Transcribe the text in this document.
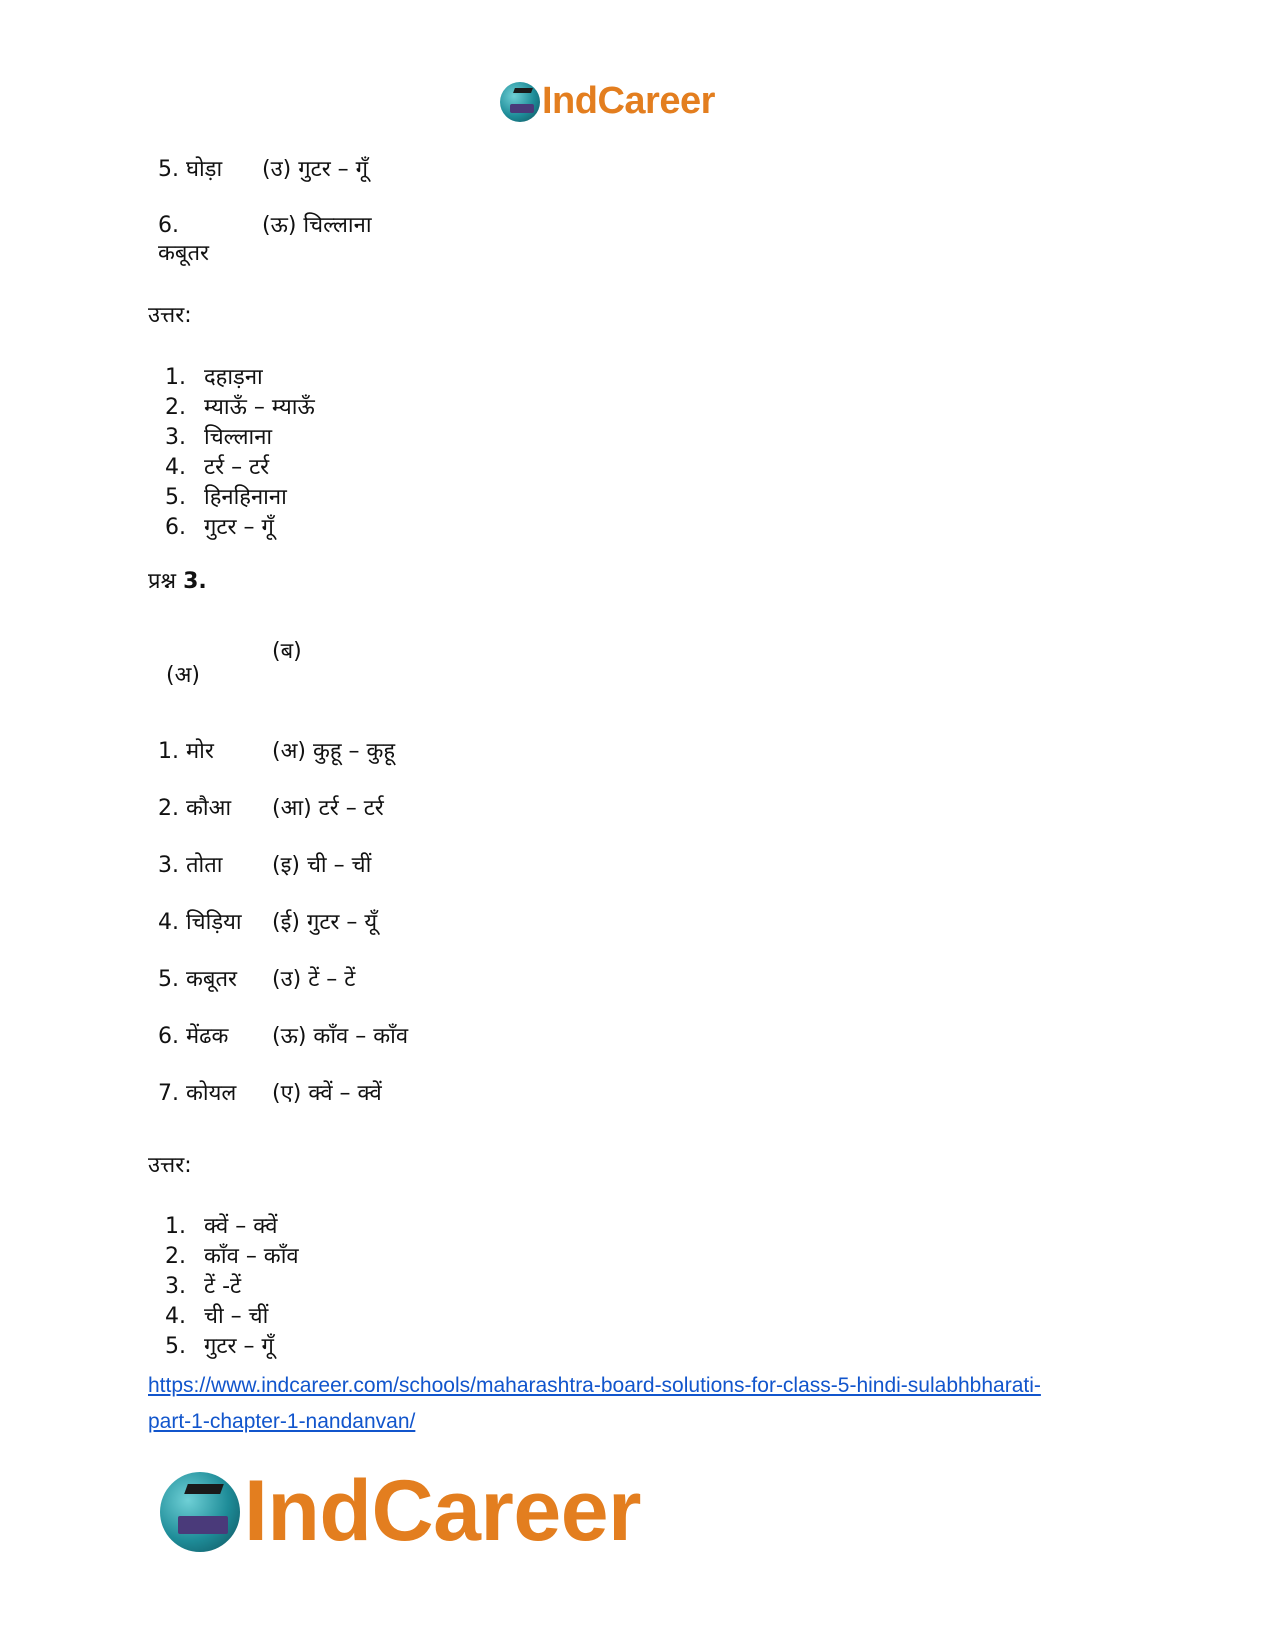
IndCareer
5. घोड़ा (उ) गुटर – गूँ
6.
कबूतर
(ऊ) चिल्लाना
उत्तर:
1. दहाड़ना
2. म्याऊँ – म्याऊँ
3. चिल्लाना
4. टर्र – टर्र
5. हिनहिनाना
6. गुटर – गूँ
प्रश्न 3.
(ब)
(अ)
1. मोर	(अ) कुहू – कुहू
2. कौआ (आ) टर्र – टर्र
3. तोता (इ) ची – चीं
4. चिड़िया (ई) गुटर – यूँ
5. कबूतर (उ) टें – टें
6. मेंढक (ऊ) काँव – काँव
7. कोयल (ए) क्वें – क्वें
उत्तर:
1. क्वें – क्वें
2. काँव – काँव
3. टें -टें
4. ची – चीं
5. गुटर – गूँ
https://www.indcareer.com/schools/maharashtra-board-solutions-for-class-5-hindi-sulabhbharati-
part-1-chapter-1-nandanvan/
IndCareer
